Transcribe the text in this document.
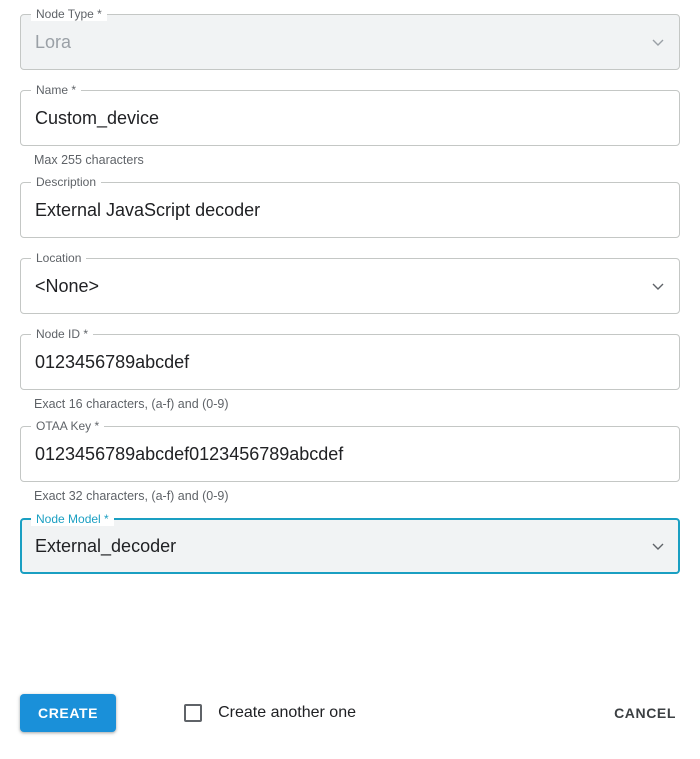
Node Type *
Lora
Name *
Custom_device
Max 255 characters
Description
External JavaScript decoder
Location
<None>
Node ID *
0123456789abcdef
Exact 16 characters, (a-f) and (0-9)
OTAA Key *
0123456789abcdef0123456789abcdef
Exact 32 characters, (a-f) and (0-9)
Node Model *
External_decoder
CREATE	Create another one	CANCEL
